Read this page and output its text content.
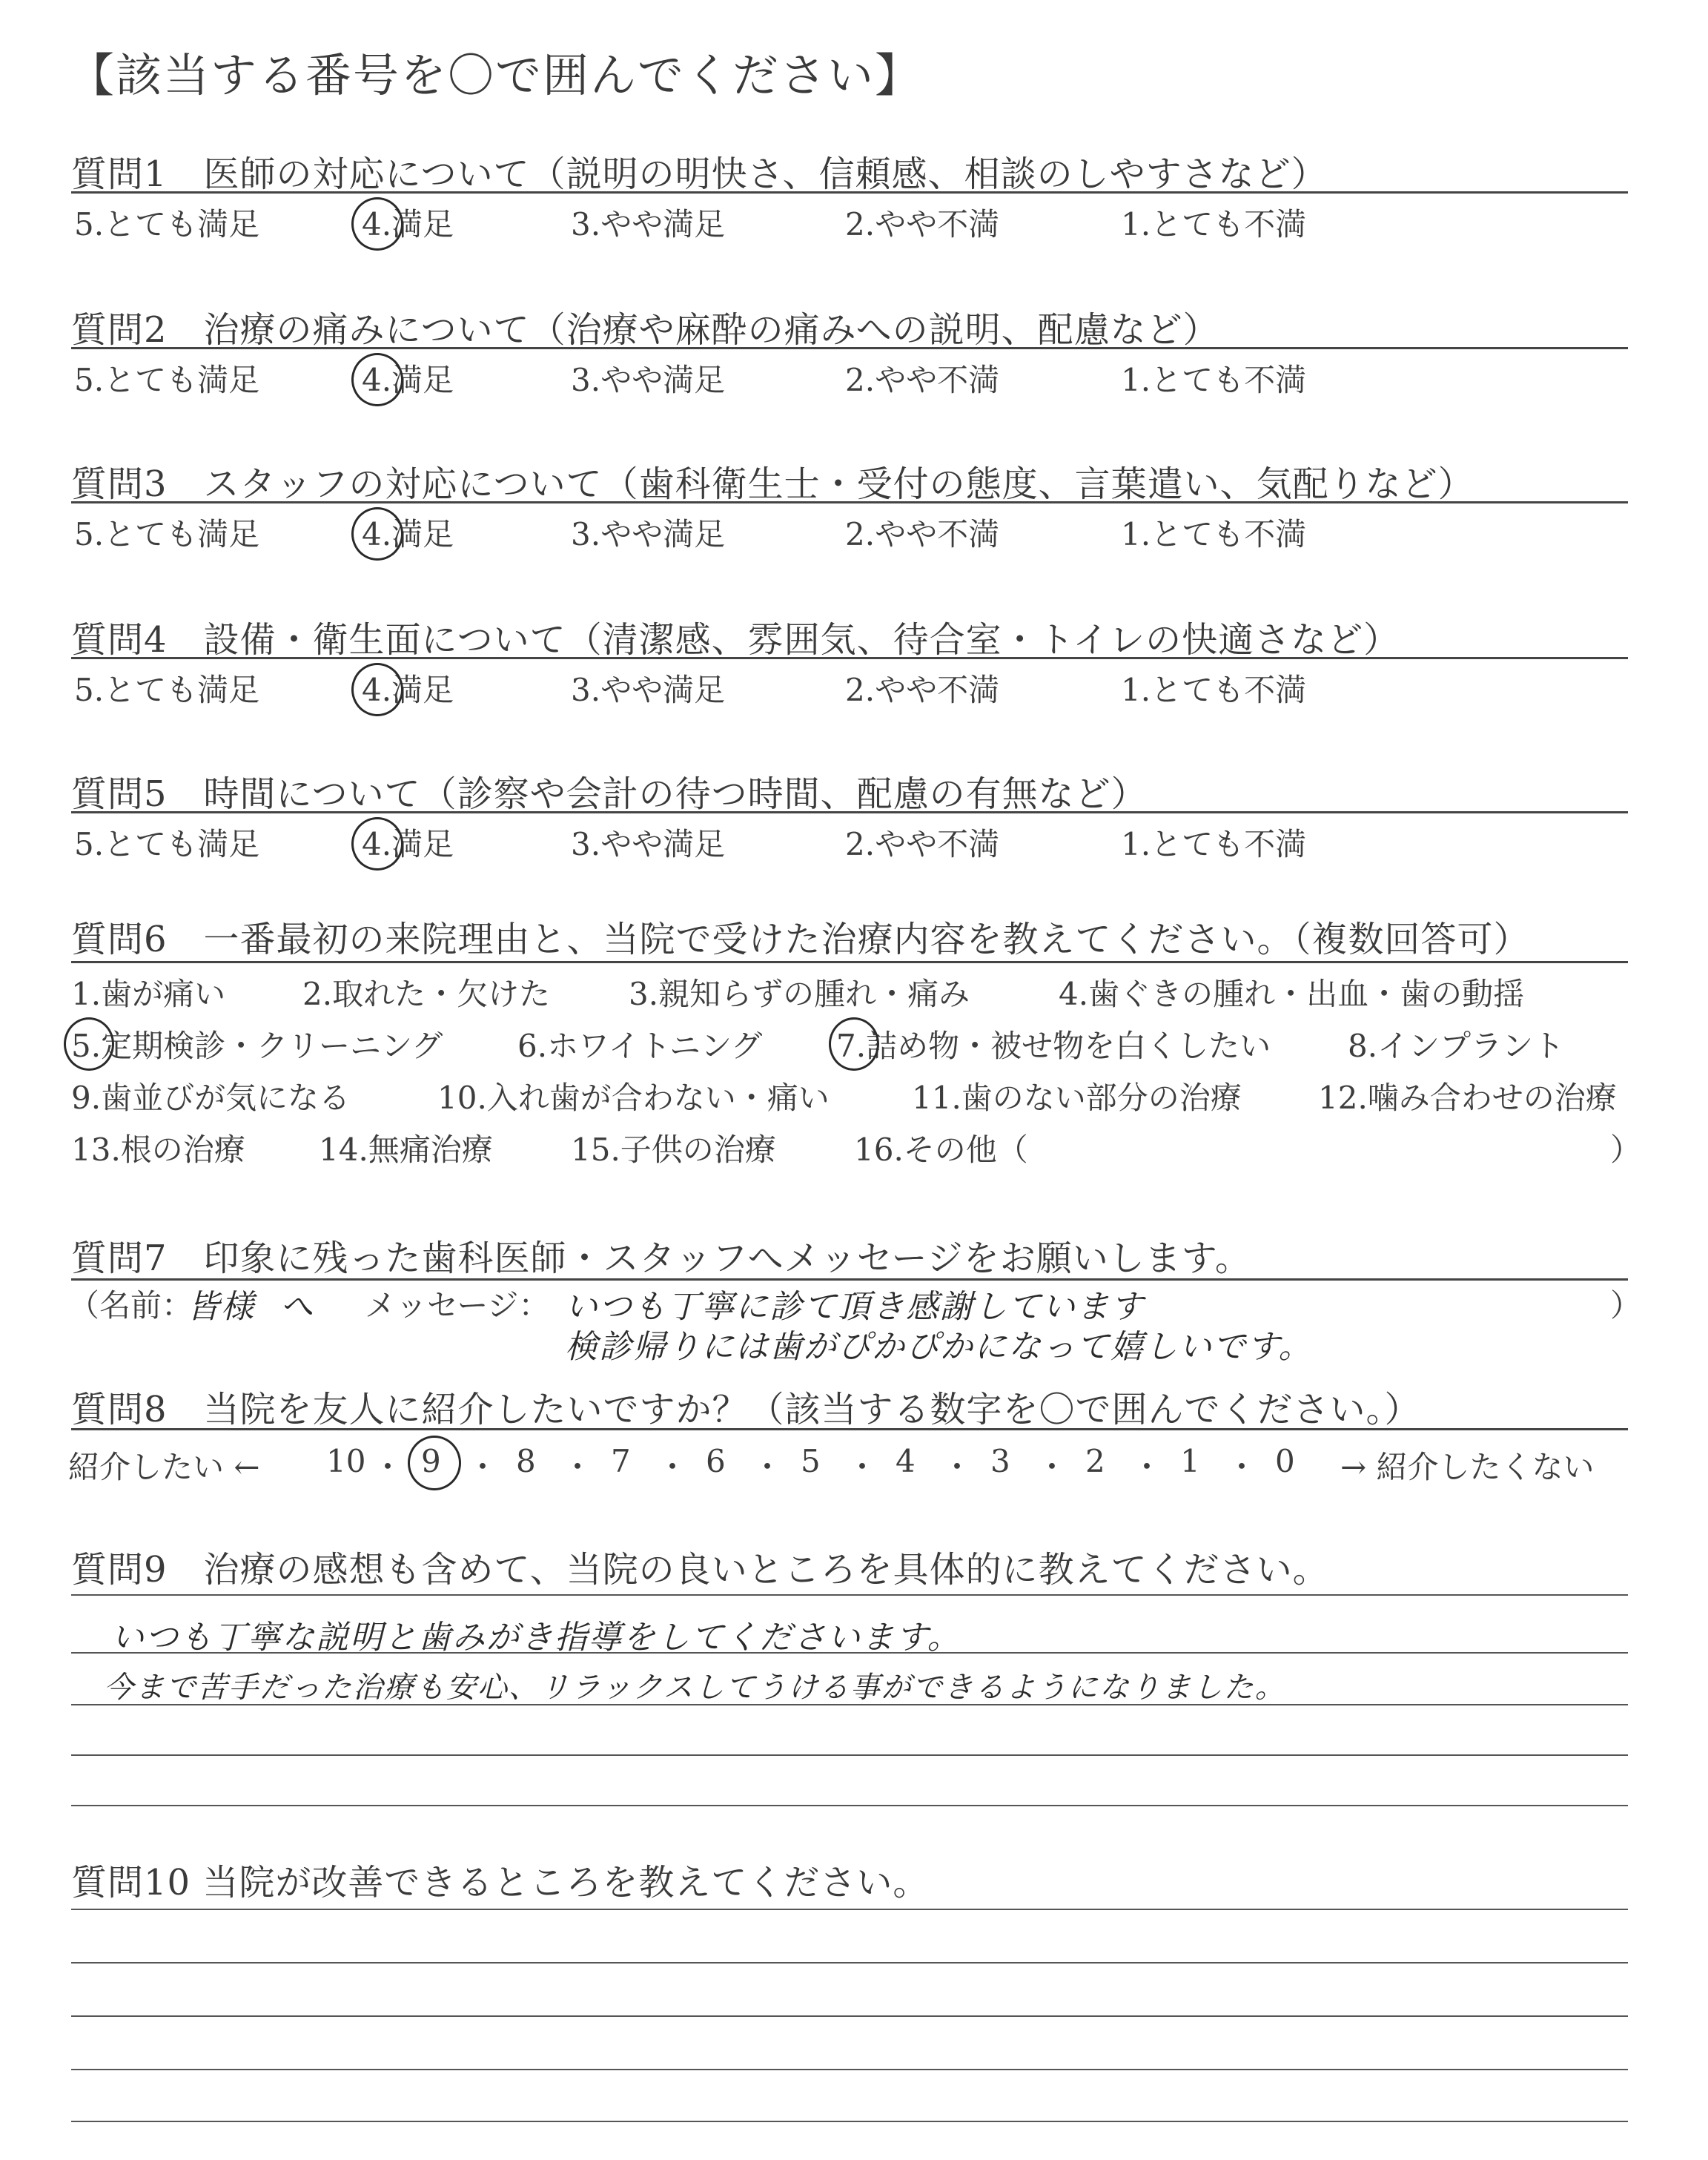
【該当する番号を〇で囲んでください】
質問1　医師の対応について（説明の明快さ、信頼感、相談のしやすさなど）
5.とても満足	4.満足	3.やや満足	2.やや不満	1.とても不満
質問2　治療の痛みについて（治療や麻酔の痛みへの説明、配慮など）
5.とても満足	4.満足	3.やや満足	2.やや不満	1.とても不満
質問3　スタッフの対応について（歯科衛生士・受付の態度、言葉遣い、気配りなど）
5.とても満足	4.満足	3.やや満足	2.やや不満	1.とても不満
質問4　設備・衛生面について（清潔感、雰囲気、待合室・トイレの快適さなど）
5.とても満足	4.満足	3.やや満足	2.やや不満	1.とても不満
質問5　時間について（診察や会計の待つ時間、配慮の有無など）
5.とても満足	4.満足	3.やや満足	2.やや不満	1.とても不満
質問6　一番最初の来院理由と、当院で受けた治療内容を教えてください。（複数回答可）
1.歯が痛い 2.取れた・欠けた	3.親知らずの腫れ・痛み	4.歯ぐきの腫れ・出血・歯の動揺
5.定期検診・クリーニング 6.ホワイトニング 7.詰め物・被せ物を白くしたい 8.インプラント
9.歯並びが気になる	10.入れ歯が合わない・痛い	11.歯のない部分の治療 12.噛み合わせの治療
13.根の治療 14.無痛治療	15.子供の治療	16.その他（	）
質問7　印象に残った歯科医師・スタッフへメッセージをお願いします。
（名前：
皆様 へ メッセージ： いつも丁寧に診て頂き感謝しています
検診帰りには歯がぴかぴかになって嬉しいです。
）
質問8　当院を友人に紹介したいですか？（該当する数字を〇で囲んでください。）
紹介したい ← 10 ・ 9 ・ 8 ・ 7 ・ 6 ・ 5 ・ 4 ・ 3 ・ 2 ・ 1 ・ 0 → 紹介したくない
質問9　治療の感想も含めて、当院の良いところを具体的に教えてください。
いつも丁寧な説明と歯みがき指導をしてくださいます。
今まで苦手だった治療も安心、リラックスしてうける事ができるようになりました。
質問10 当院が改善できるところを教えてください。
